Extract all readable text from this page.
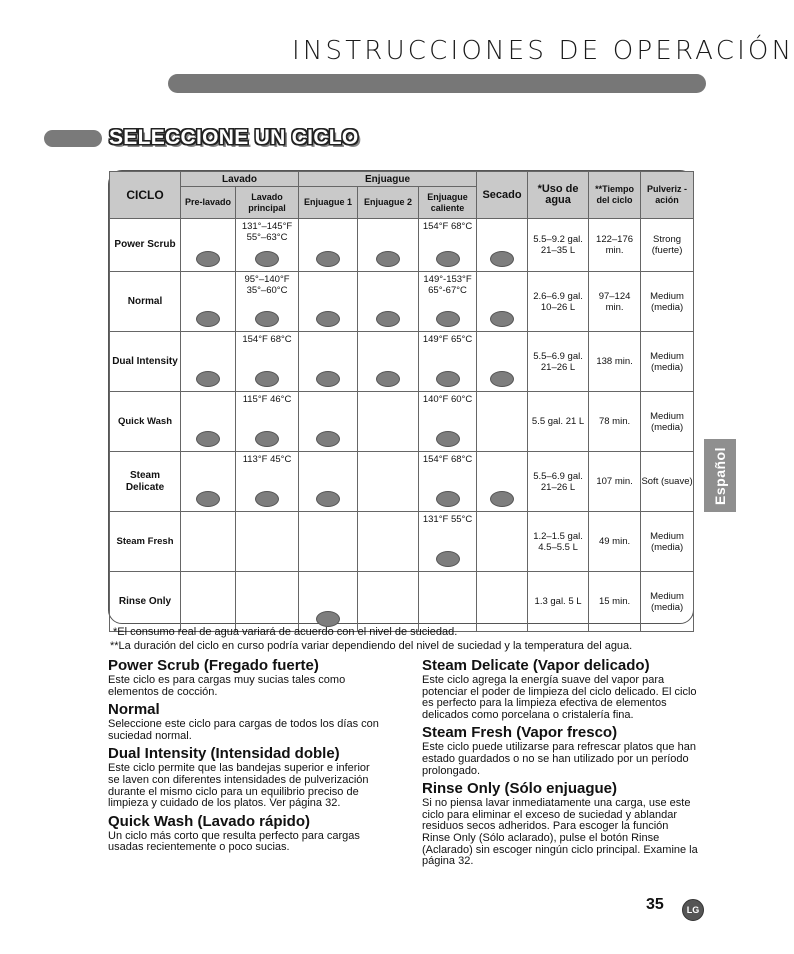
INSTRUCCIONES DE OPERACIÓN
SELECCIONE UN CICLO
CICLO	Lavado		Enjuague			Secado	*Uso de agua	**Tiempo del ciclo	Pulveriz -ación
	Pre-lavado	Lavado principal	Enjuague 1	Enjuague 2	Enjuague caliente				
Power Scrub		131°–145°F 55°–63°C			154°F 68°C		5.5–9.2 gal. 21–35 L	122–176 min.	Strong (fuerte)
Normal		95°–140°F 35°–60°C			149°-153°F 65°-67°C		2.6–6.9 gal. 10–26 L	97–124 min.	Medium (media)
Dual Intensity		154°F 68°C			149°F 65°C		5.5–6.9 gal. 21–26 L	138 min.	Medium (media)
Quick Wash		115°F 46°C			140°F 60°C		5.5 gal. 21 L	78 min.	Medium (media)
Steam Delicate		113°F 45°C			154°F 68°C		5.5–6.9 gal. 21–26 L	107 min.	Soft (suave)
Steam Fresh					131°F 55°C		1.2–1.5 gal. 4.5–5.5 L	49 min.	Medium (media)
Rinse Only							1.3 gal. 5 L	15 min.	Medium (media)
*El consumo real de agua variará de acuerdo con el nivel de suciedad.
**La duración del ciclo en curso podría variar dependiendo del nivel de suciedad y la temperatura del agua.
Power Scrub (Fregado fuerte)

Este ciclo es para cargas muy sucias tales como elementos de cocción.

Normal

Seleccione este ciclo para cargas de todos los días con suciedad normal.

Dual Intensity (Intensidad doble)

Este ciclo permite que las bandejas superior e inferior se laven con diferentes intensidades de pulverización durante el mismo ciclo para un equilibrio preciso de limpieza y cuidado de los platos. Ver página 32.

Quick Wash (Lavado rápido)

Un ciclo más corto que resulta perfecto para cargas usadas recientemente o poco sucias.

Steam Delicate (Vapor delicado)

Este ciclo agrega la energía suave del vapor para potenciar el poder de limpieza del ciclo delicado. El ciclo es perfecto para la limpieza efectiva de elementos delicados como porcelana o cristalería fina.

Steam Fresh (Vapor fresco)

Este ciclo puede utilizarse para refrescar platos que han estado guardados o no se han utilizado por un período prolongado.

Rinse Only (Sólo enjuague)

Si no piensa lavar inmediatamente una carga, use este ciclo para eliminar el exceso de suciedad y ablandar residuos secos adheridos. Para escoger la función Rinse Only (Sólo aclarado), pulse el botón Rinse (Aclarado) sin escoger ningún ciclo principal. Examine la página 32.

Español
35	LG
